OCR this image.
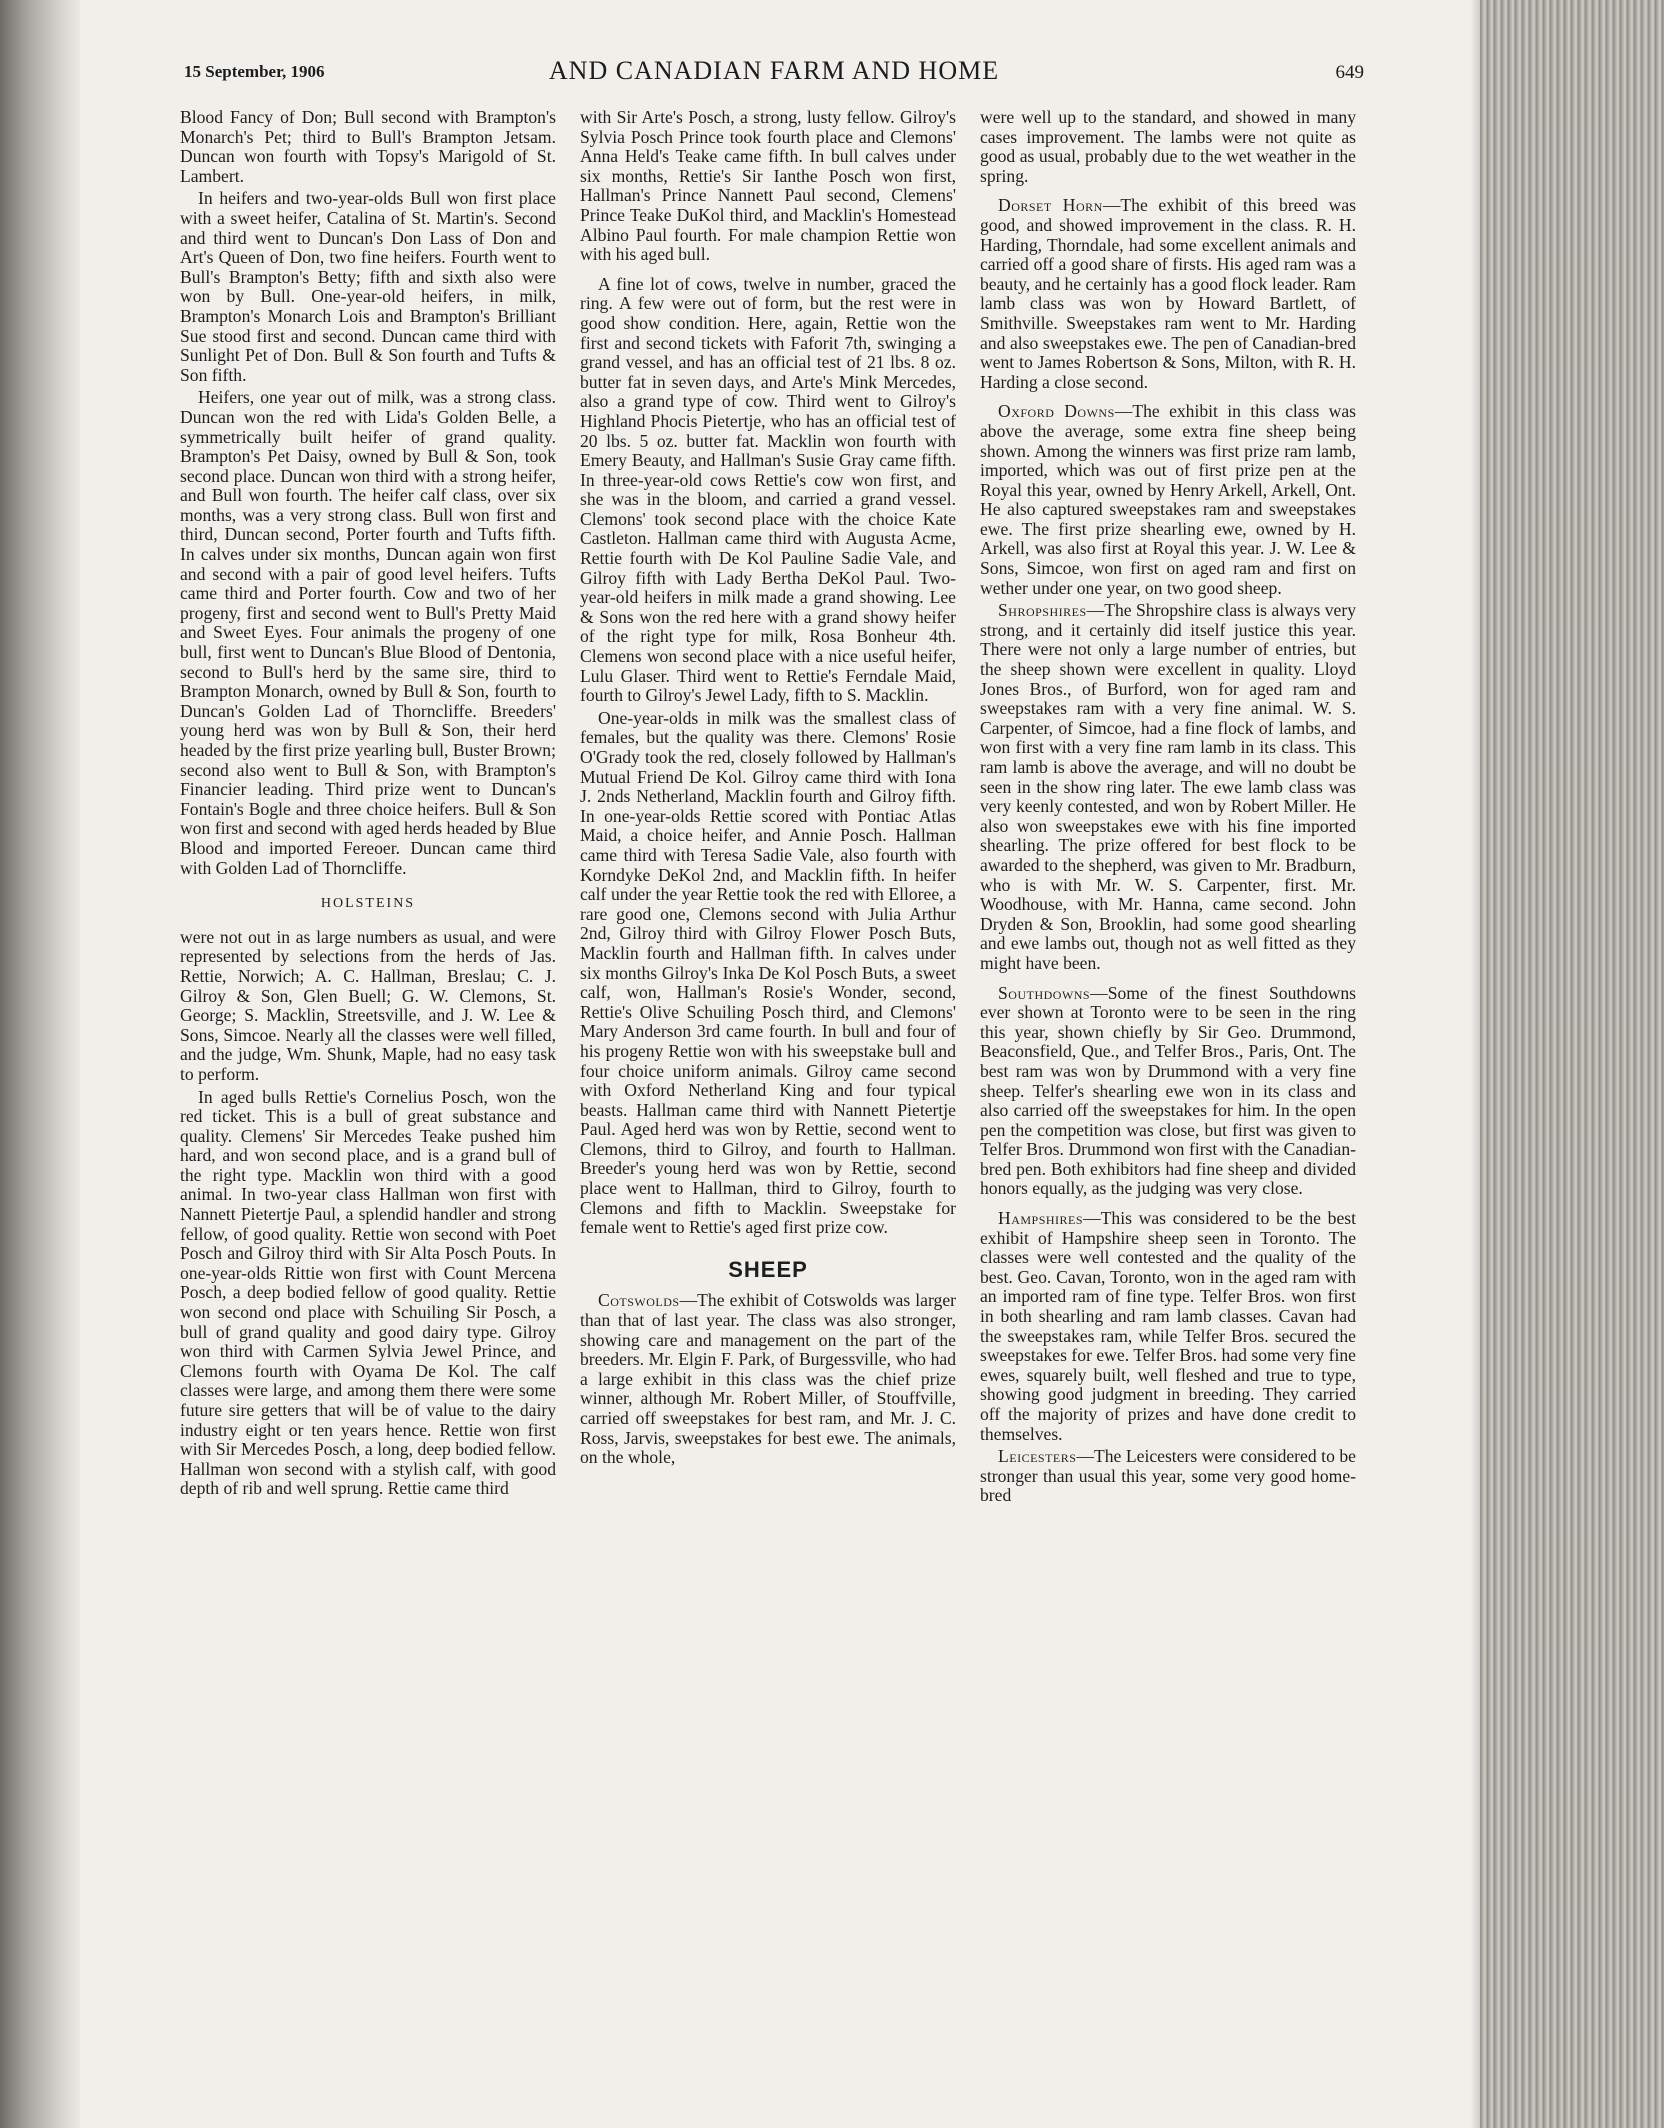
15 September, 1906	AND CANADIAN FARM AND HOME	649

Blood Fancy of Don; Bull second with Brampton's Monarch's Pet; third to Bull's Brampton Jetsam. Duncan won fourth with Topsy's Marigold of St. Lambert.

In heifers and two-year-olds Bull won first place with a sweet heifer, Catalina of St. Martin's. Second and third went to Duncan's Don Lass of Don and Art's Queen of Don, two fine heifers. Fourth went to Bull's Brampton's Betty; fifth and sixth also were won by Bull. One-year-old heifers, in milk, Brampton's Monarch Lois and Brampton's Brilliant Sue stood first and second. Duncan came third with Sunlight Pet of Don. Bull & Son fourth and Tufts & Son fifth.

Heifers, one year out of milk, was a strong class. Duncan won the red with Lida's Golden Belle, a symmetrically built heifer of grand quality. Brampton's Pet Daisy, owned by Bull & Son, took second place. Duncan won third with a strong heifer, and Bull won fourth. The heifer calf class, over six months, was a very strong class. Bull won first and third, Duncan second, Porter fourth and Tufts fifth. In calves under six months, Duncan again won first and second with a pair of good level heifers. Tufts came third and Porter fourth. Cow and two of her progeny, first and second went to Bull's Pretty Maid and Sweet Eyes. Four animals the progeny of one bull, first went to Duncan's Blue Blood of Dentonia, second to Bull's herd by the same sire, third to Brampton Monarch, owned by Bull & Son, fourth to Duncan's Golden Lad of Thorncliffe. Breeders' young herd was won by Bull & Son, their herd headed by the first prize yearling bull, Buster Brown; second also went to Bull & Son, with Brampton's Financier leading. Third prize went to Duncan's Fontain's Bogle and three choice heifers. Bull & Son won first and second with aged herds headed by Blue Blood and imported Fereoer. Duncan came third with Golden Lad of Thorncliffe.

HOLSTEINS

were not out in as large numbers as usual, and were represented by selections from the herds of Jas. Rettie, Norwich; A. C. Hallman, Breslau; C. J. Gilroy & Son, Glen Buell; G. W. Clemons, St. George; S. Macklin, Streetsville, and J. W. Lee & Sons, Simcoe. Nearly all the classes were well filled, and the judge, Wm. Shunk, Maple, had no easy task to perform.

In aged bulls Rettie's Cornelius Posch, won the red ticket. This is a bull of great substance and quality. Clemens' Sir Mercedes Teake pushed him hard, and won second place, and is a grand bull of the right type. Macklin won third with a good animal. In two-year class Hallman won first with Nannett Pietertje Paul, a splendid handler and strong fellow, of good quality. Rettie won second with Poet Posch and Gilroy third with Sir Alta Posch Pouts. In one-year-olds Rittie won first with Count Mercena Posch, a deep bodied fellow of good quality. Rettie won second ond place with Schuiling Sir Posch, a bull of grand quality and good dairy type. Gilroy won third with Carmen Sylvia Jewel Prince, and Clemons fourth with Oyama De Kol. The calf classes were large, and among them there were some future sire getters that will be of value to the dairy industry eight or ten years hence. Rettie won first with Sir Mercedes Posch, a long, deep bodied fellow. Hallman won second with a stylish calf, with good depth of rib and well sprung. Rettie came third

with Sir Arte's Posch, a strong, lusty fellow. Gilroy's Sylvia Posch Prince took fourth place and Clemons' Anna Held's Teake came fifth. In bull calves under six months, Rettie's Sir Ianthe Posch won first, Hallman's Prince Nannett Paul second, Clemens' Prince Teake DuKol third, and Macklin's Homestead Albino Paul fourth. For male champion Rettie won with his aged bull.

A fine lot of cows, twelve in number, graced the ring. A few were out of form, but the rest were in good show condition. Here, again, Rettie won the first and second tickets with Faforit 7th, swinging a grand vessel, and has an official test of 21 lbs. 8 oz. butter fat in seven days, and Arte's Mink Mercedes, also a grand type of cow. Third went to Gilroy's Highland Phocis Pietertje, who has an official test of 20 lbs. 5 oz. butter fat. Macklin won fourth with Emery Beauty, and Hallman's Susie Gray came fifth. In three-year-old cows Rettie's cow won first, and she was in the bloom, and carried a grand vessel. Clemons' took second place with the choice Kate Castleton. Hallman came third with Augusta Acme, Rettie fourth with De Kol Pauline Sadie Vale, and Gilroy fifth with Lady Bertha DeKol Paul. Two-year-old heifers in milk made a grand showing. Lee & Sons won the red here with a grand showy heifer of the right type for milk, Rosa Bonheur 4th. Clemens won second place with a nice useful heifer, Lulu Glaser. Third went to Rettie's Ferndale Maid, fourth to Gilroy's Jewel Lady, fifth to S. Macklin.

One-year-olds in milk was the smallest class of females, but the quality was there. Clemons' Rosie O'Grady took the red, closely followed by Hallman's Mutual Friend De Kol. Gilroy came third with Iona J. 2nds Netherland, Macklin fourth and Gilroy fifth. In one-year-olds Rettie scored with Pontiac Atlas Maid, a choice heifer, and Annie Posch. Hallman came third with Teresa Sadie Vale, also fourth with Korndyke DeKol 2nd, and Macklin fifth. In heifer calf under the year Rettie took the red with Elloree, a rare good one, Clemons second with Julia Arthur 2nd, Gilroy third with Gilroy Flower Posch Buts, Macklin fourth and Hallman fifth. In calves under six months Gilroy's Inka De Kol Posch Buts, a sweet calf, won, Hallman's Rosie's Wonder, second, Rettie's Olive Schuiling Posch third, and Clemons' Mary Anderson 3rd came fourth. In bull and four of his progeny Rettie won with his sweepstake bull and four choice uniform animals. Gilroy came second with Oxford Netherland King and four typical beasts. Hallman came third with Nannett Pietertje Paul. Aged herd was won by Rettie, second went to Clemons, third to Gilroy, and fourth to Hallman. Breeder's young herd was won by Rettie, second place went to Hallman, third to Gilroy, fourth to Clemons and fifth to Macklin. Sweepstake for female went to Rettie's aged first prize cow.

SHEEP

Cotswolds—The exhibit of Cotswolds was larger than that of last year. The class was also stronger, showing care and management on the part of the breeders. Mr. Elgin F. Park, of Burgessville, who had a large exhibit in this class was the chief prize winner, although Mr. Robert Miller, of Stouffville, carried off sweepstakes for best ram, and Mr. J. C. Ross, Jarvis, sweepstakes for best ewe. The animals, on the whole,

were well up to the standard, and showed in many cases improvement. The lambs were not quite as good as usual, probably due to the wet weather in the spring.

Dorset Horn—The exhibit of this breed was good, and showed improvement in the class. R. H. Harding, Thorndale, had some excellent animals and carried off a good share of firsts. His aged ram was a beauty, and he certainly has a good flock leader. Ram lamb class was won by Howard Bartlett, of Smithville. Sweepstakes ram went to Mr. Harding and also sweepstakes ewe. The pen of Canadian-bred went to James Robertson & Sons, Milton, with R. H. Harding a close second.

Oxford Downs—The exhibit in this class was above the average, some extra fine sheep being shown. Among the winners was first prize ram lamb, imported, which was out of first prize pen at the Royal this year, owned by Henry Arkell, Arkell, Ont. He also captured sweepstakes ram and sweepstakes ewe. The first prize shearling ewe, owned by H. Arkell, was also first at Royal this year. J. W. Lee & Sons, Simcoe, won first on aged ram and first on wether under one year, on two good sheep.

Shropshires—The Shropshire class is always very strong, and it certainly did itself justice this year. There were not only a large number of entries, but the sheep shown were excellent in quality. Lloyd Jones Bros., of Burford, won for aged ram and sweepstakes ram with a very fine animal. W. S. Carpenter, of Simcoe, had a fine flock of lambs, and won first with a very fine ram lamb in its class. This ram lamb is above the average, and will no doubt be seen in the show ring later. The ewe lamb class was very keenly contested, and won by Robert Miller. He also won sweepstakes ewe with his fine imported shearling. The prize offered for best flock to be awarded to the shepherd, was given to Mr. Bradburn, who is with Mr. W. S. Carpenter, first. Mr. Woodhouse, with Mr. Hanna, came second. John Dryden & Son, Brooklin, had some good shearling and ewe lambs out, though not as well fitted as they might have been.

Southdowns—Some of the finest Southdowns ever shown at Toronto were to be seen in the ring this year, shown chiefly by Sir Geo. Drummond, Beaconsfield, Que., and Telfer Bros., Paris, Ont. The best ram was won by Drummond with a very fine sheep. Telfer's shearling ewe won in its class and also carried off the sweepstakes for him. In the open pen the competition was close, but first was given to Telfer Bros. Drummond won first with the Canadian-bred pen. Both exhibitors had fine sheep and divided honors equally, as the judging was very close.

Hampshires—This was considered to be the best exhibit of Hampshire sheep seen in Toronto. The classes were well contested and the quality of the best. Geo. Cavan, Toronto, won in the aged ram with an imported ram of fine type. Telfer Bros. won first in both shearling and ram lamb classes. Cavan had the sweepstakes ram, while Telfer Bros. secured the sweepstakes for ewe. Telfer Bros. had some very fine ewes, squarely built, well fleshed and true to type, showing good judgment in breeding. They carried off the majority of prizes and have done credit to themselves.

Leicesters—The Leicesters were considered to be stronger than usual this year, some very good home-bred
